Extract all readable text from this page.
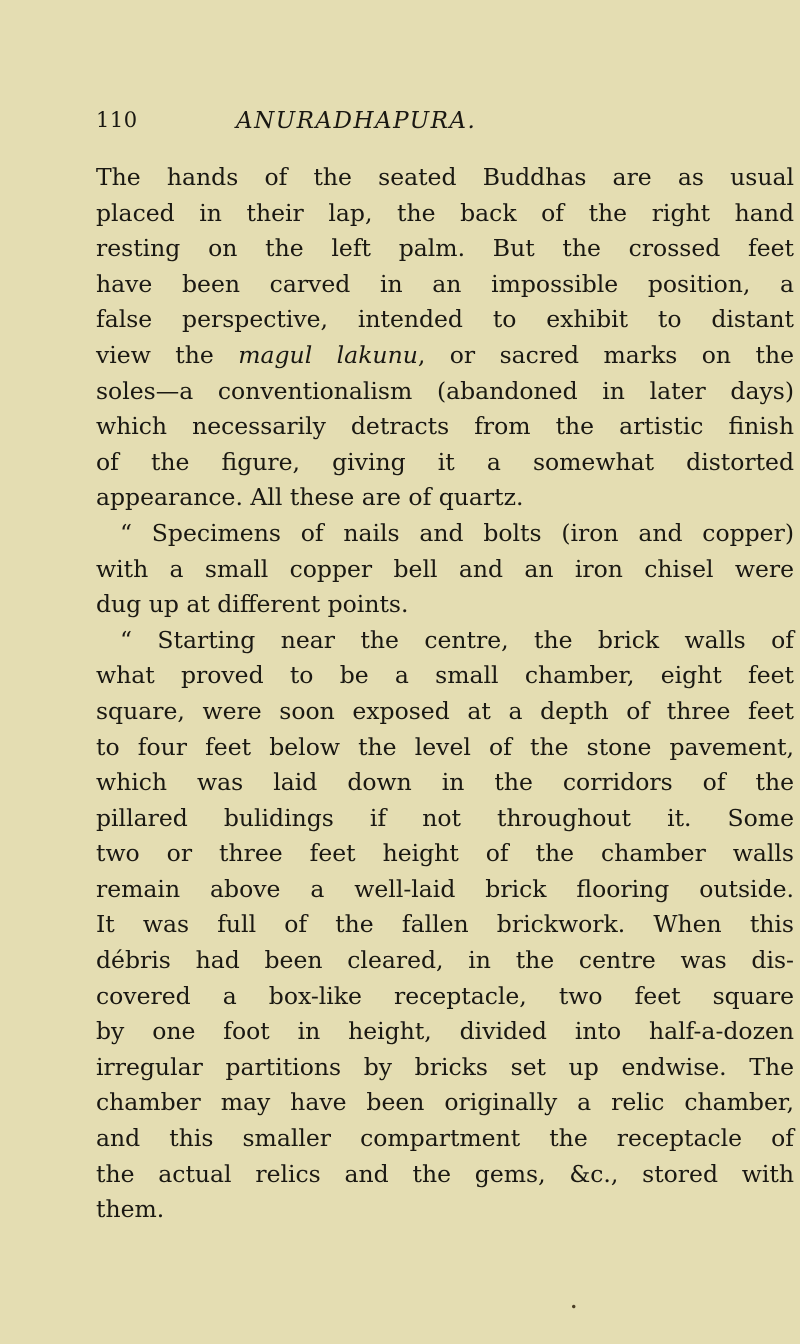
110	ANURADHAPURA.
The hands of the seated Buddhas are as usual
placed in their lap, the back of the right hand
resting on the left palm. But the crossed feet
have been carved in an impossible position, a
false perspective, intended to exhibit to distant
view the magul lakunu, or sacred marks on the
soles—a conventionalism (abandoned in later days)
which necessarily detracts from the artistic finish
of the figure, giving it a somewhat distorted
appearance. All these are of quartz.
“ Specimens of nails and bolts (iron and copper)
with a small copper bell and an iron chisel were
dug up at different points.
“ Starting near the centre, the brick walls of
what proved to be a small chamber, eight feet
square, were soon exposed at a depth of three feet
to four feet below the level of the stone pavement,
which was laid down in the corridors of the
pillared bulidings if not throughout it. Some
two or three feet height of the chamber walls
remain above a well-laid brick flooring outside.
It was full of the fallen brickwork. When this
débris had been cleared, in the centre was dis-
covered a box-like receptacle, two feet square
by one foot in height, divided into half-a-dozen
irregular partitions by bricks set up endwise. The
chamber may have been originally a relic chamber,
and this smaller compartment the receptacle of
the actual relics and the gems, &c., stored with
them.
•
